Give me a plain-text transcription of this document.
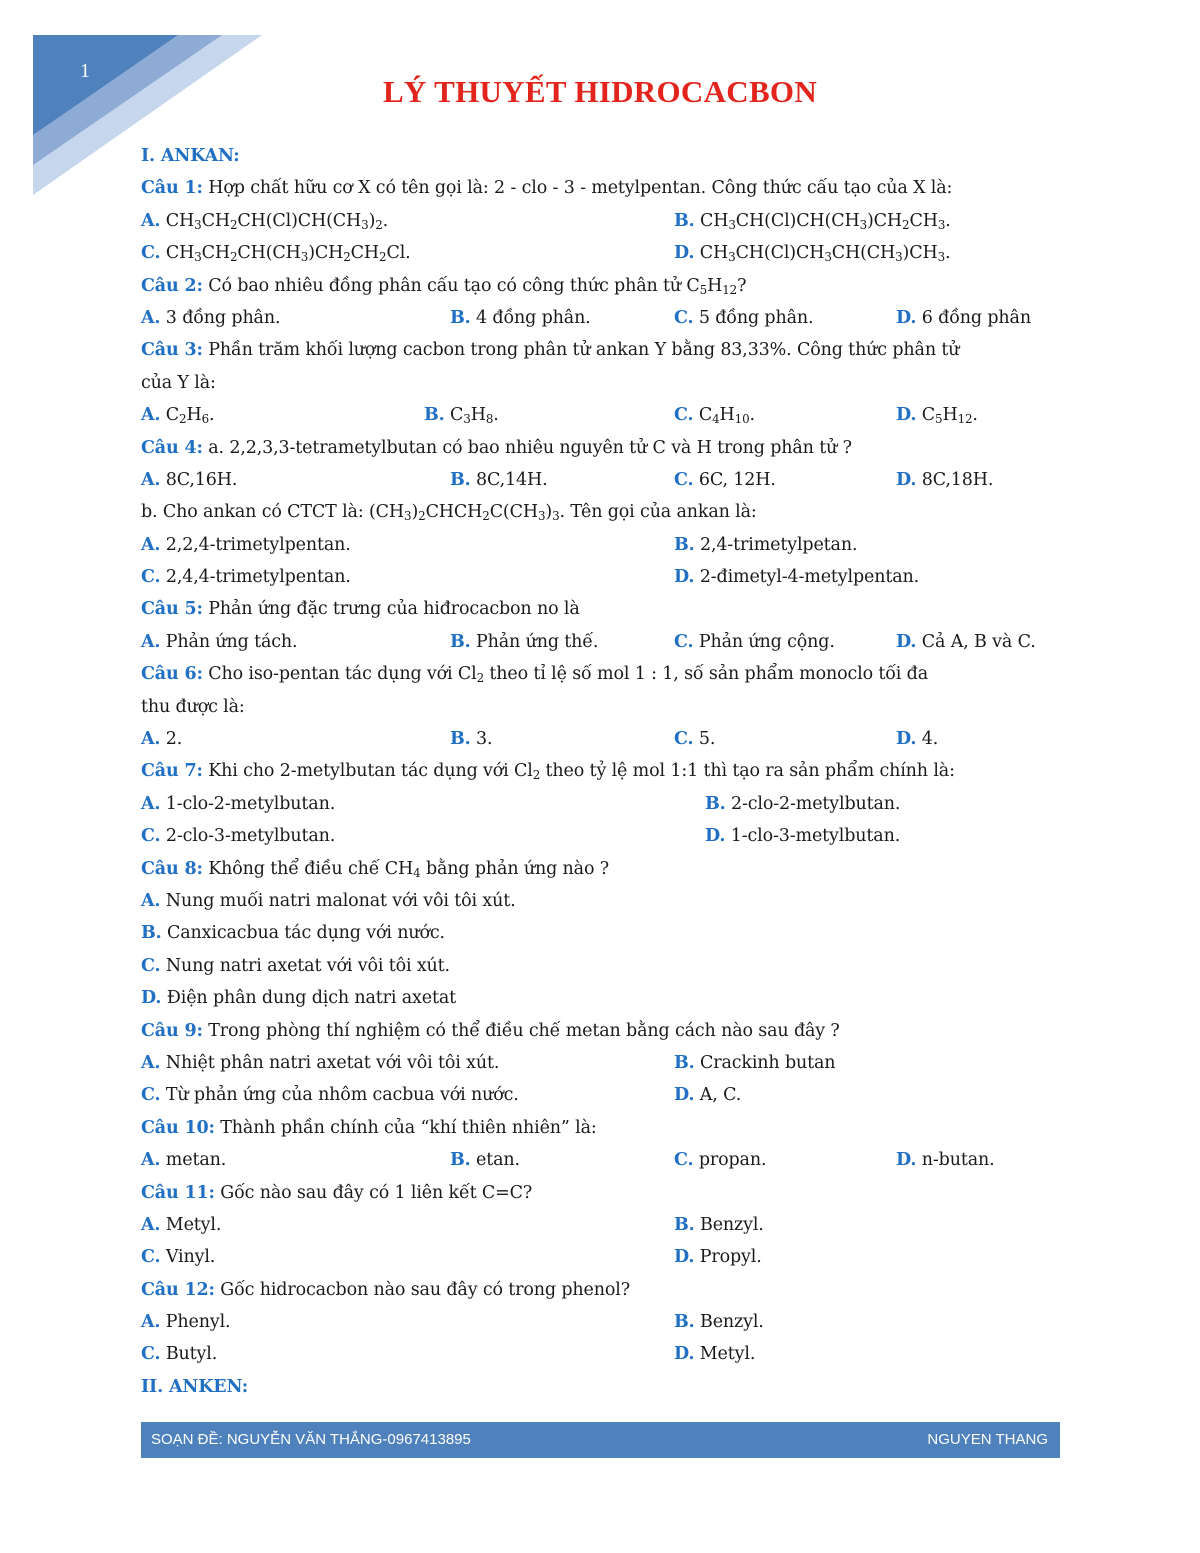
1
LÝ THUYẾT HIDROCACBON
I. ANKAN:
Câu 1: Hợp chất hữu cơ X có tên gọi là: 2 - clo - 3 - metylpentan. Công thức cấu tạo của X là:
A. $CH_3CH_2CH(Cl)CH(CH_3)_2$.	B. $CH_3CH(Cl)CH(CH_3)CH_2CH_3$.
C. $CH_3CH_2CH(CH_3)CH_2CH_2Cl$.	D. $CH_3CH(Cl)CH_3CH(CH_3)CH_3$.
Câu 2: Có bao nhiêu đồng phân cấu tạo có công thức phân tử $C_5H_{12}$?
A. 3 đồng phân.	B. 4 đồng phân.	C. 5 đồng phân.	D. 6 đồng phân
Câu 3: Phần trăm khối lượng cacbon trong phân tử ankan Y bằng 83,33%. Công thức phân tử
của Y là:
A. $C_2H_6$.	B. $C_3H_8$.	C. $C_4H_{10}$.	D. $C_5H_{12}$.
Câu 4: a. 2,2,3,3-tetrametylbutan có bao nhiêu nguyên tử C và H trong phân tử ?
A. 8C,16H.	B. 8C,14H.	C. 6C, 12H.	D. 8C,18H.
b. Cho ankan có CTCT là: $(CH_3)_2CHCH_2C(CH_3)_3$. Tên gọi của ankan là:
A. 2,2,4-trimetylpentan.	B. 2,4-trimetylpetan.
C. 2,4,4-trimetylpentan.	D. 2-đimetyl-4-metylpentan.
Câu 5: Phản ứng đặc trưng của hiđrocacbon no là
A. Phản ứng tách.	B. Phản ứng thế.	C. Phản ứng cộng.	D. Cả A, B và C.
Câu 6: Cho iso-pentan tác dụng với $Cl_2$ theo tỉ lệ số mol 1 : 1, số sản phẩm monoclo tối đa
thu được là:
A. 2.	B. 3.	C. 5.	D. 4.
Câu 7: Khi cho 2-metylbutan tác dụng với $Cl_2$ theo tỷ lệ mol 1:1 thì tạo ra sản phẩm chính là:
A. 1-clo-2-metylbutan.	B. 2-clo-2-metylbutan.
C. 2-clo-3-metylbutan.	D. 1-clo-3-metylbutan.
Câu 8: Không thể điều chế $CH_4$ bằng phản ứng nào ?
A. Nung muối natri malonat với vôi tôi xút.
B. Canxicacbua tác dụng với nước.
C. Nung natri axetat với vôi tôi xút.
D. Điện phân dung dịch natri axetat
Câu 9: Trong phòng thí nghiệm có thể điều chế metan bằng cách nào sau đây ?
A. Nhiệt phân natri axetat với vôi tôi xút.	B. Crackinh butan
C. Từ phản ứng của nhôm cacbua với nước.	D. A, C.
Câu 10: Thành phần chính của “khí thiên nhiên” là:
A. metan.	B. etan.	C. propan.	D. n-butan.
Câu 11: Gốc nào sau đây có 1 liên kết C=C?
A. Metyl.	B. Benzyl.
C. Vinyl.	D. Propyl.
Câu 12: Gốc hidrocacbon nào sau đây có trong phenol?
A. Phenyl.	B. Benzyl.
C. Butyl.	D. Metyl.
II. ANKEN:
SOẠN ĐỀ: NGUYỄN VĂN THẮNG-0967413895	NGUYEN THANG
